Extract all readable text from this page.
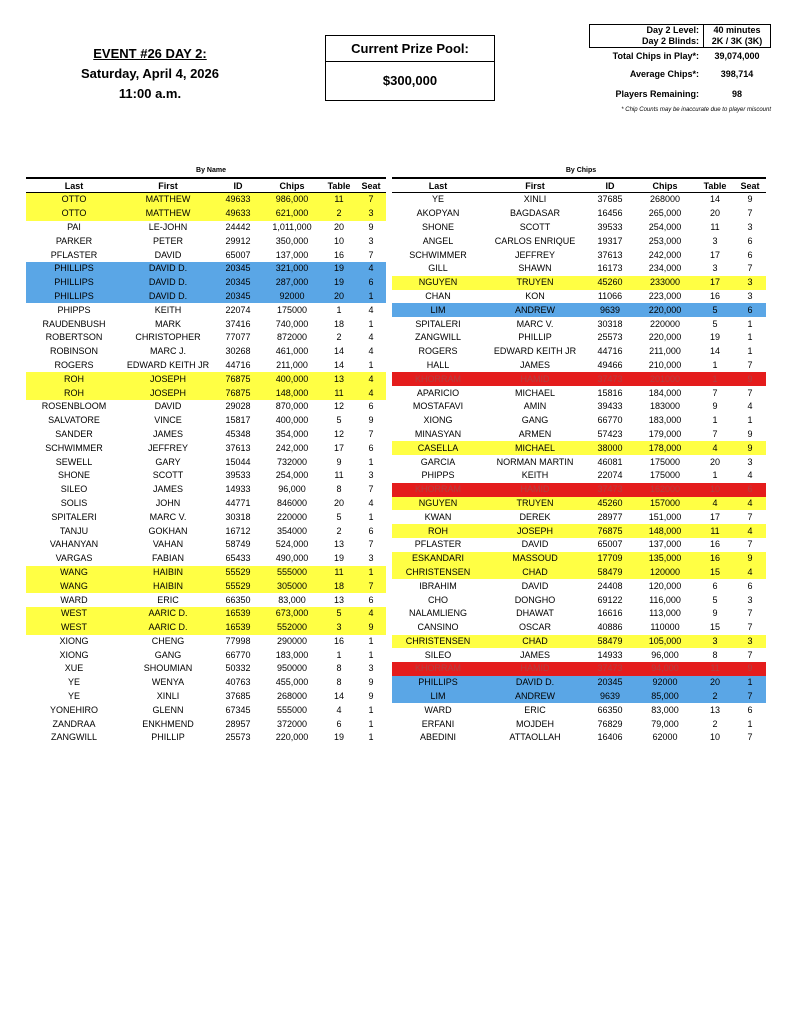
EVENT #26 DAY 2:
Saturday, April 4, 2026
11:00 a.m.
Current Prize Pool:
$300,000
Day 2 Level:
Day 2 Blinds:
40 minutes
2K / 3K (3K)
Total Chips in Play*:	39,074,000
Average Chips*:	398,714
Players Remaining:	98
* Chip Counts may be inaccurate due to player miscount
By Name	By Chips
Last	First	ID	Chips	Table	Seat
OTTO	MATTHEW	49633	986,000	11	7
OTTO	MATTHEW	49633	621,000	2	3
PAI	LE-JOHN	24442	1,011,000	20	9
PARKER	PETER	29912	350,000	10	3
PFLASTER	DAVID	65007	137,000	16	7
PHILLIPS	DAVID D.	20345	321,000	19	4
PHILLIPS	DAVID D.	20345	287,000	19	6
PHILLIPS	DAVID D.	20345	92000	20	1
PHIPPS	KEITH	22074	175000	1	4
RAUDENBUSH	MARK	37416	740,000	18	1
ROBERTSON	CHRISTOPHER	77077	872000	2	4
ROBINSON	MARC J.	30268	461,000	14	4
ROGERS	EDWARD KEITH JR	44716	211,000	14	1
ROH	JOSEPH	76875	400,000	13	4
ROH	JOSEPH	76875	148,000	11	4
ROSENBLOOM	DAVID	29028	870,000	12	6
SALVATORE	VINCE	15817	400,000	5	9
SANDER	JAMES	45348	354,000	12	7
SCHWIMMER	JEFFREY	37613	242,000	17	6
SEWELL	GARY	15044	732000	9	1
SHONE	SCOTT	39533	254,000	11	3
SILEO	JAMES	14933	96,000	8	7
SOLIS	JOHN	44771	846000	20	4
SPITALERI	MARC V.	30318	220000	5	1
TANJU	GOKHAN	16712	354000	2	6
VAHANYAN	VAHAN	58749	524,000	13	7
VARGAS	FABIAN	65433	490,000	19	3
WANG	HAIBIN	55529	555000	11	1
WANG	HAIBIN	55529	305000	18	7
WARD	ERIC	66350	83,000	13	6
WEST	AARIC D.	16539	673,000	5	4
WEST	AARIC D.	16539	552000	3	9
XIONG	CHENG	77998	290000	16	1
XIONG	GANG	66770	183,000	1	1
XUE	SHOUMIAN	50332	950000	8	3
YE	WENYA	40763	455,000	8	9
YE	XINLI	37685	268000	14	9
YONEHIRO	GLENN	67345	555000	4	1
ZANDRAA	ENKHMEND	28957	372000	6	1
ZANGWILL	PHILLIP	25573	220,000	19	1
Last	First	ID	Chips	Table	Seat
YE	XINLI	37685	268000	14	9
AKOPYAN	BAGDASAR	16456	265,000	20	7
SHONE	SCOTT	39533	254,000	11	3
ANGEL	CARLOS ENRIQUE	19317	253,000	3	6
SCHWIMMER	JEFFREY	37613	242,000	17	6
GILL	SHAWN	16173	234,000	3	7
NGUYEN	TRUYEN	45260	233000	17	3
CHAN	KON	11066	223,000	16	3
LIM	ANDREW	9639	220,000	5	6
SPITALERI	MARC V.	30318	220000	5	1
ZANGWILL	PHILLIP	25573	220,000	19	1
ROGERS	EDWARD KEITH JR	44716	211,000	14	1
HALL	JAMES	49466	210,000	1	7
KHORRAM	HAMID	37473	201000	1	9
APARICIO	MICHAEL	15816	184,000	7	7
MOSTAFAVI	AMIN	39433	183000	9	4
XIONG	GANG	66770	183,000	1	1
MINASYAN	ARMEN	57423	179,000	7	9
CASELLA	MICHAEL	38000	178,000	4	9
GARCIA	NORMAN MARTIN	46081	175000	20	3
PHIPPS	KEITH	22074	175000	1	4
KHORRAM	HAMID	37473	162000	10	6
NGUYEN	TRUYEN	45260	157000	4	4
KWAN	DEREK	28977	151,000	17	7
ROH	JOSEPH	76875	148,000	11	4
PFLASTER	DAVID	65007	137,000	16	7
ESKANDARI	MASSOUD	17709	135,000	16	9
CHRISTENSEN	CHAD	58479	120000	15	4
IBRAHIM	DAVID	24408	120,000	6	6
CHO	DONGHO	69122	116,000	5	3
NALAMLIENG	DHAWAT	16616	113,000	9	7
CANSINO	OSCAR	40886	110000	15	7
CHRISTENSEN	CHAD	58479	105,000	3	3
SILEO	JAMES	14933	96,000	8	7
KHORRAM	HAMID	37473	94,000	11	9
PHILLIPS	DAVID D.	20345	92000	20	1
LIM	ANDREW	9639	85,000	2	7
WARD	ERIC	66350	83,000	13	6
ERFANI	MOJDEH	76829	79,000	2	1
ABEDINI	ATTAOLLAH	16406	62000	10	7
